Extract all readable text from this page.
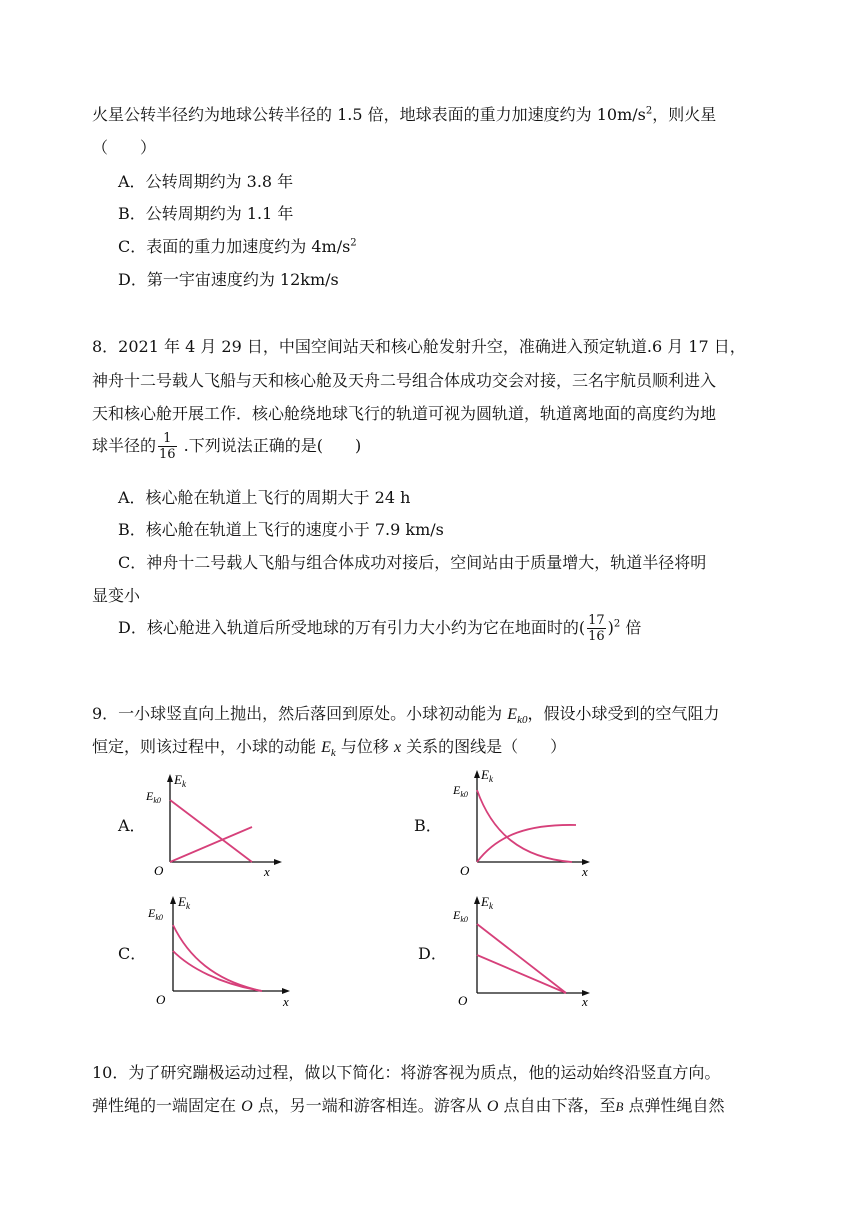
火星公转半径约为地球公转半径的 1.5 倍，地球表面的重力加速度约为 $10m/s^2$，则火星
（　　）
A．公转周期约为 3.8 年
B．公转周期约为 1.1 年
C．表面的重力加速度约为 $4m/s^2$
D．第一宇宙速度约为 12km/s
8．2021 年 4 月 29 日，中国空间站天和核心舱发射升空，准确进入预定轨道.6 月 17 日，
神舟十二号载人飞船与天和核心舱及天舟二号组合体成功交会对接，三名宇航员顺利进入
天和核心舱开展工作．核心舱绕地球飞行的轨道可视为圆轨道，轨道离地面的高度约为地
球半径的 $\frac{1}{16}$ .下列说法正确的是(　　)
A．核心舱在轨道上飞行的周期大于 24 h
B．核心舱在轨道上飞行的速度小于 7.9 km/s
C．神舟十二号载人飞船与组合体成功对接后，空间站由于质量增大，轨道半径将明
显变小
D．核心舱进入轨道后所受地球的万有引力大小约为它在地面时的( $\frac{17}{16} )^2$ 倍
9．一小球竖直向上抛出，然后落回到原处。小球初动能为 $E_{k0}$，假设小球受到的空气阻力
恒定，则该过程中，小球的动能 $E_k$ 与位移 x 关系的图线是（　　）
A．	B．
C．	D．
$E_k$
$E_{k0}$
O	x
$E_k$
$E_{k0}$
O	x
$E_k$
$E_{k0}$
O	x
$E_k$
$E_{k0}$
O	x
10．为了研究蹦极运动过程，做以下简化：将游客视为质点，他的运动始终沿竖直方向。
弹性绳的一端固定在 O 点，另一端和游客相连。游客从 O 点自由下落，至B 点弹性绳自然
